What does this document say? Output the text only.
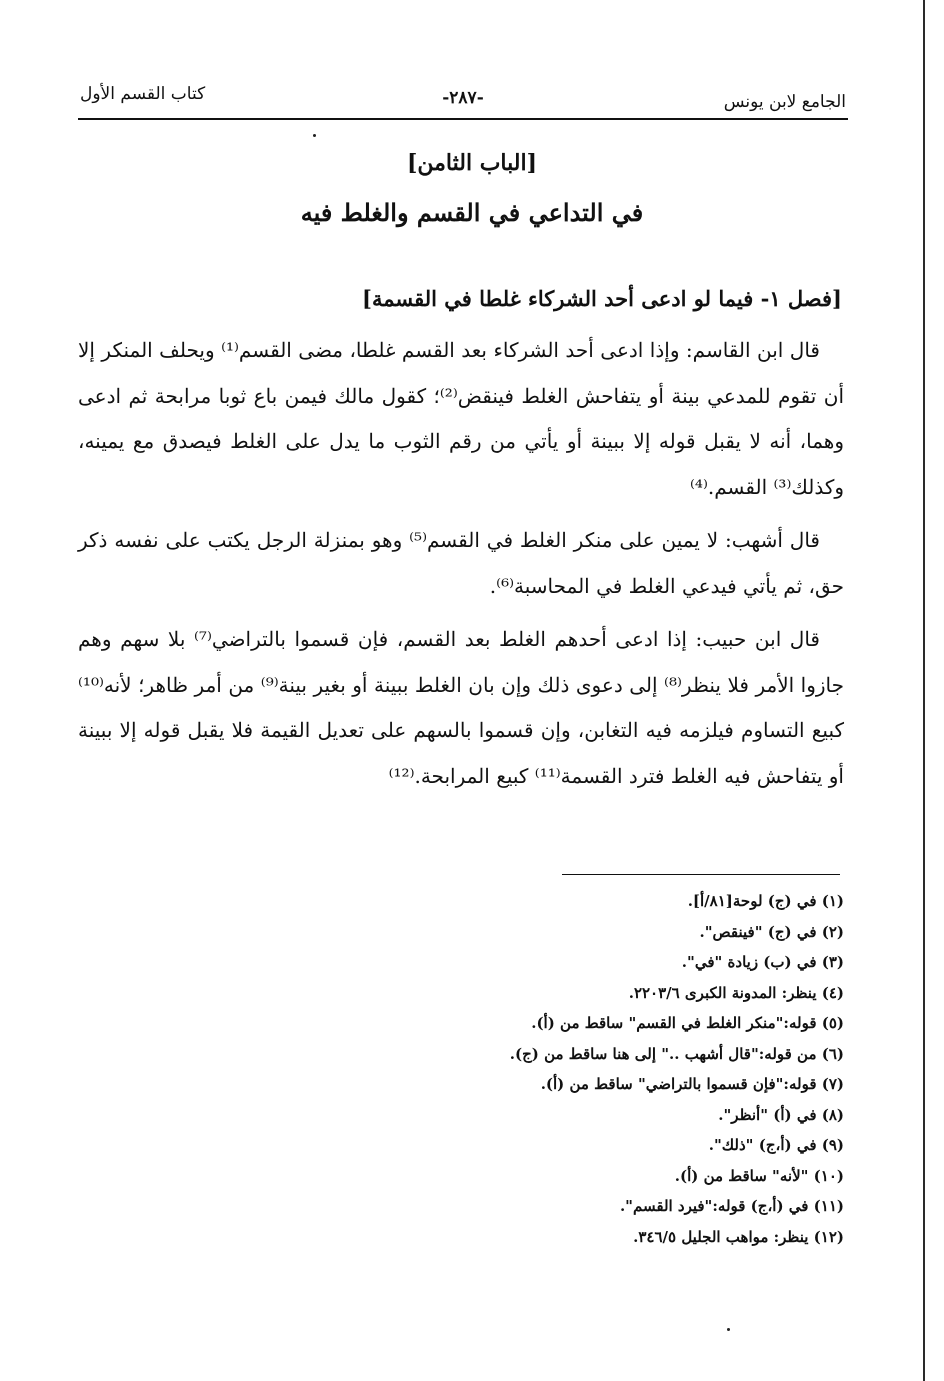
الجامع لابن يونس
-٢٨٧-
كتاب القسم الأول
[الباب الثامن]
في التداعي في القسم والغلط فيه
[فصل ١- فيما لو ادعى أحد الشركاء غلطا في القسمة]

قال ابن القاسم: وإذا ادعى أحد الشركاء بعد القسم غلطا، مضى القسم⁽¹⁾ ويحلف المنكر إلا أن تقوم للمدعي بينة أو يتفاحش الغلط فينقض⁽²⁾؛ كقول مالك فيمن باع ثوبا مرابحة ثم ادعى وهما، أنه لا يقبل قوله إلا ببينة أو يأتي من رقم الثوب ما يدل على الغلط فيصدق مع يمينه، وكذلك⁽³⁾ القسم.⁽⁴⁾

قال أشهب: لا يمين على منكر الغلط في القسم⁽⁵⁾ وهو بمنزلة الرجل يكتب على نفسه ذكر حق، ثم يأتي فيدعي الغلط في المحاسبة⁽⁶⁾.

قال ابن حبيب: إذا ادعى أحدهم الغلط بعد القسم، فإن قسموا بالتراضي⁽⁷⁾ بلا سهم وهم جازوا الأمر فلا ينظر⁽⁸⁾ إلى دعوى ذلك وإن بان الغلط ببينة أو بغير بينة⁽⁹⁾ من أمر ظاهر؛ لأنه⁽¹⁰⁾ كبيع التساوم فيلزمه فيه التغابن، وإن قسموا بالسهم على تعديل القيمة فلا يقبل قوله إلا ببينة أو يتفاحش فيه الغلط فترد القسمة⁽¹¹⁾ كبيع المرابحة.⁽¹²⁾

(١) في (ج) لوحة[٨١/أ].
(٢) في (ج) "فينقص".
(٣) في (ب) زيادة "في".
(٤) ينظر: المدونة الكبرى ٢٢٠٣/٦.
(٥) قوله:"منكر الغلط في القسم" ساقط من (أ).
(٦) من قوله:"قال أشهب .." إلى هنا ساقط من (ج).
(٧) قوله:"فإن قسموا بالتراضي" ساقط من (أ).
(٨) في (أ) "أنظر".
(٩) في (أ،ج) "ذلك".
(١٠) "لأنه" ساقط من (أ).
(١١) في (أ،ج) قوله:"فيرد القسم".
(١٢) ينظر: مواهب الجليل ٣٤٦/٥.
